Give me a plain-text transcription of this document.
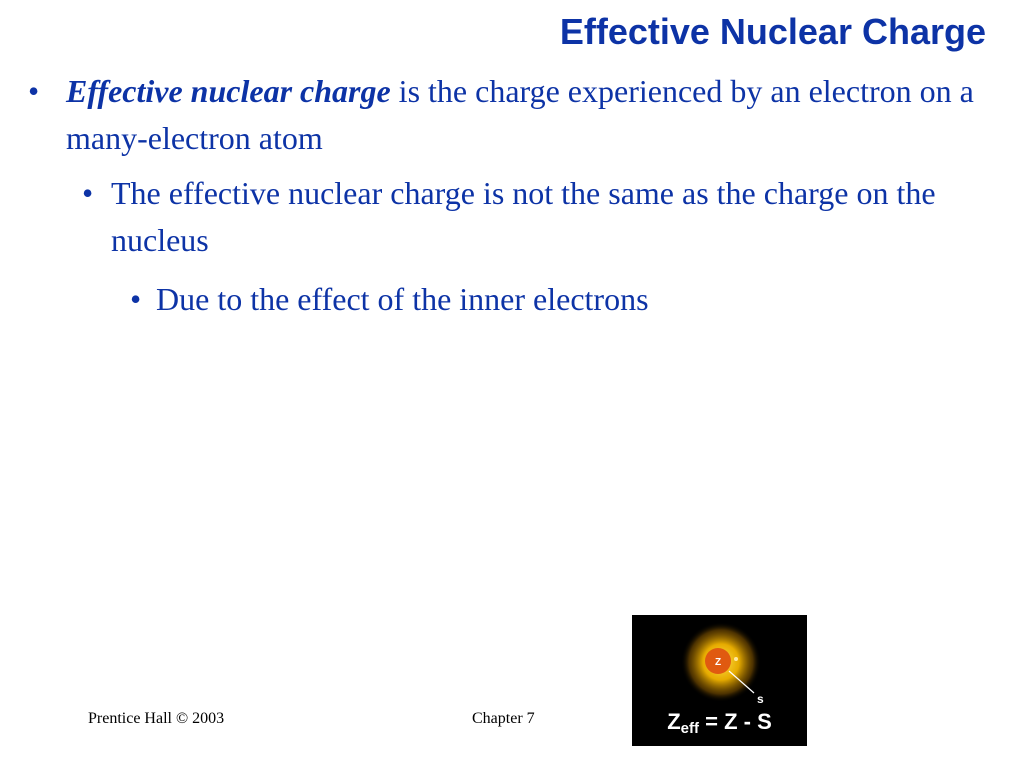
Effective Nuclear Charge

• Effective nuclear charge is the charge experienced by an electron on a many-electron atom

• The effective nuclear charge is not the same as the charge on the nucleus

• Due to the effect of the inner electrons

Z
s
Zeff = Z - S
Prentice Hall © 2003	Chapter 7
